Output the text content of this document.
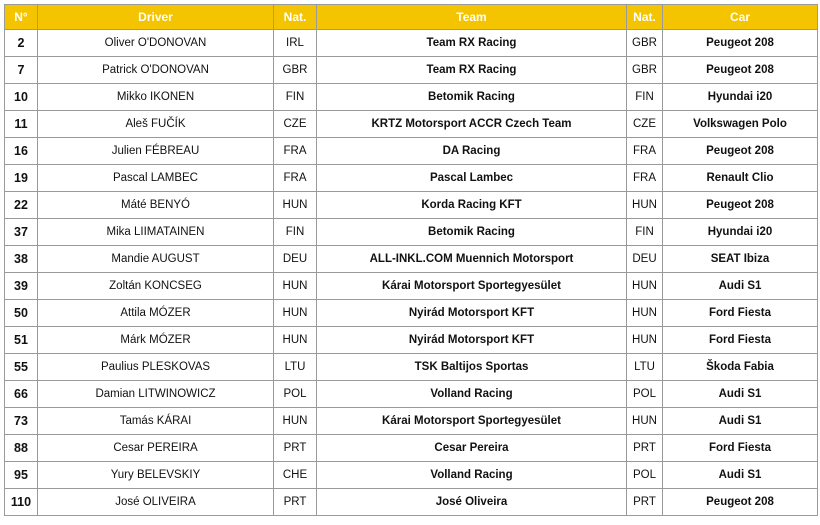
N°	Driver	Nat.	Team	Nat.	Car
2	Oliver O'DONOVAN	IRL	Team RX Racing	GBR	Peugeot 208
7	Patrick O'DONOVAN	GBR	Team RX Racing	GBR	Peugeot 208
10	Mikko IKONEN	FIN	Betomik Racing	FIN	Hyundai i20
11	Aleš FUČÍK	CZE	KRTZ Motorsport ACCR Czech Team	CZE	Volkswagen Polo
16	Julien FÉBREAU	FRA	DA Racing	FRA	Peugeot 208
19	Pascal LAMBEC	FRA	Pascal Lambec	FRA	Renault Clio
22	Máté BENYÓ	HUN	Korda Racing KFT	HUN	Peugeot 208
37	Mika LIIMATAINEN	FIN	Betomik Racing	FIN	Hyundai i20
38	Mandie AUGUST	DEU	ALL-INKL.COM Muennich Motorsport	DEU	SEAT Ibiza
39	Zoltán KONCSEG	HUN	Kárai Motorsport Sportegyesület	HUN	Audi S1
50	Attila MÓZER	HUN	Nyirád Motorsport KFT	HUN	Ford Fiesta
51	Márk MÓZER	HUN	Nyirád Motorsport KFT	HUN	Ford Fiesta
55	Paulius PLESKOVAS	LTU	TSK Baltijos Sportas	LTU	Škoda Fabia
66	Damian LITWINOWICZ	POL	Volland Racing	POL	Audi S1
73	Tamás KÁRAI	HUN	Kárai Motorsport Sportegyesület	HUN	Audi S1
88	Cesar PEREIRA	PRT	Cesar Pereira	PRT	Ford Fiesta
95	Yury BELEVSKIY	CHE	Volland Racing	POL	Audi S1
110	José OLIVEIRA	PRT	José Oliveira	PRT	Peugeot 208
